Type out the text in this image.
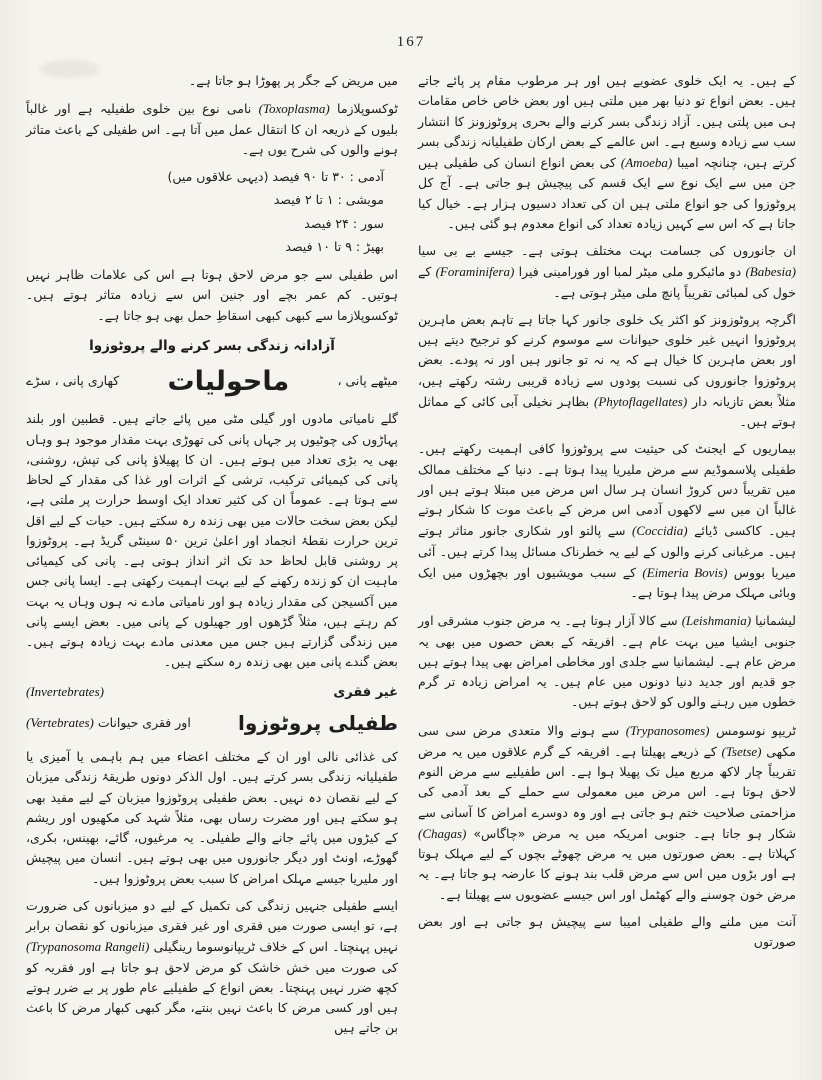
167
میں مریض کے جگر پر پھوڑا ہو جاتا ہے۔
ٹوکسوپلازما (Toxoplasma) نامی نوع بین خلوی طفیلیہ ہے اور غالباً بلیوں کے ذریعہ ان کا انتقال عمل میں آتا ہے۔ اس طفیلی کے باعث متاثر ہونے والوں کی شرح یوں ہے۔
آدمی : ۳۰ تا ۹۰ فیصد (دیہی علاقوں میں)
مویشی : ۱ تا ۲ فیصد
سور : ۲۴ فیصد
بھیڑ : ۹ تا ۱۰ فیصد
اس طفیلی سے جو مرض لاحق ہوتا ہے اس کی علامات ظاہر نہیں ہوتیں۔ کم عمر بچے اور جنین اس سے زیادہ متاثر ہوتے ہیں۔ ٹوکسوپلازما سے کبھی کبھی اسقاطِ حمل بھی ہو جاتا ہے۔
آزادانہ زندگی بسر کرنے والے پروٹوزوا
میٹھے پانی ،
ماحولیات
کھاری پانی ، سڑے
گلے نامیاتی مادوں اور گیلی مٹی میں پائے جاتے ہیں۔ قطبین اور بلند پہاڑوں کی چوٹیوں پر جہاں پانی کی تھوڑی بہت مقدار موجود ہو وہاں بھی یہ بڑی تعداد میں ہوتے ہیں۔ ان کا پھیلاؤ پانی کی تپش، روشنی، پانی کی کیمیائی ترکیب، ترشی کے اثرات اور غذا کی مقدار کے لحاظ سے ہوتا ہے۔ عموماً ان کی کثیر تعداد ایک اوسط حرارت پر ملتی ہے، لیکن بعض سخت حالات میں بھی زندہ رہ سکتے ہیں۔ حیات کے لیے اقل ترین حرارت نقطۂ انجماد اور اعلیٰ ترین ۵۰ سینٹی گریڈ ہے۔ پروٹوزوا پر روشنی قابل لحاظ حد تک اثر انداز ہوتی ہے۔ پانی کی کیمیائی ماہیت ان کو زندہ رکھنے کے لیے بہت اہمیت رکھتی ہے۔ ایسا پانی جس میں آکسیجن کی مقدار زیادہ ہو اور نامیاتی مادے نہ ہوں وہاں یہ بہت کم رہتے ہیں، مثلاً گڑھوں اور جھیلوں کے پانی میں۔ بعض ایسے پانی میں زندگی گزارتے ہیں جس میں معدنی مادے بہت زیادہ ہوتے ہیں۔ بعض گندے پانی میں بھی زندہ رہ سکتے ہیں۔
غیر فقری
(Invertebrates)
طفیلی پروٹوزوا
اور فقری حیوانات (Vertebrates)
کی غذائی نالی اور ان کے مختلف اعضاء میں ہم باہمی یا آمیزی یا طفیلیانہ زندگی بسر کرتے ہیں۔ اول الذکر دونوں طریقۂ زندگی میزبان کے لیے نقصان دہ نہیں۔ بعض طفیلی پروٹوزوا میزبان کے لیے مفید بھی ہو سکتے ہیں اور مضرت رساں بھی، مثلاً شہد کی مکھیوں اور ریشم کے کیڑوں میں پائے جانے والے طفیلی۔ یہ مرغیوں، گائے، بھینس، بکری، گھوڑے، اونٹ اور دیگر جانوروں میں بھی ہوتے ہیں۔ انسان میں پیچیش اور ملیریا جیسے مہلک امراض کا سبب بعض پروٹوزوا ہیں۔
ایسے طفیلی جنہیں زندگی کی تکمیل کے لیے دو میزبانوں کی ضرورت ہے، تو ایسی صورت میں فقری اور غیر فقری میزبانوں کو نقصان برابر نہیں پہنچتا۔ اس کے خلاف ٹریپانوسوما رینگیلی (Trypanosoma Rangeli) کی صورت میں خش خاشک کو مرض لاحق ہو جاتا ہے اور فقریہ کو کچھ ضرر نہیں پہنچتا۔ بعض انواع کے طفیلیے عام طور پر بے ضرر ہوتے ہیں اور کسی مرض کا باعث نہیں بنتے، مگر کبھی کبھار مرض کا باعث بن جاتے ہیں
کے ہیں۔ یہ ایک خلوی عضویے ہیں اور ہر مرطوب مقام پر پائے جاتے ہیں۔ بعض انواع تو دنیا بھر میں ملتی ہیں اور بعض خاص خاص مقامات ہی میں پلتی ہیں۔ آزاد زندگی بسر کرنے والے بحری پروٹوزونز کا انتشار سب سے زیادہ وسیع ہے۔ اس عالمے کے بعض ارکان طفیلیانہ زندگی بسر کرتے ہیں، چنانچہ امیبا (Amoeba) کی بعض انواع انسان کی طفیلی ہیں جن میں سے ایک نوع سے ایک قسم کی پیچیش ہو جاتی ہے۔ آج کل پروٹوزوا کی جو انواع ملتی ہیں ان کی تعداد دسیوں ہزار ہے۔ خیال کیا جاتا ہے کہ اس سے کہیں زیادہ تعداد کی انواع معدوم ہو گئی ہیں۔
ان جانوروں کی جسامت بہت مختلف ہوتی ہے۔ جیسے بے بی سیا (Babesia) دو مائیکرو ملی میٹر لمبا اور فورامینی فیرا (Foraminifera) کے خول کی لمبائی تقریباً پانچ ملی میٹر ہوتی ہے۔
اگرچہ پروٹوزونز کو اکثر یک خلوی جانور کہا جاتا ہے تاہم بعض ماہرین پروٹوزوا انہیں غیر خلوی حیوانات سے موسوم کرنے کو ترجیح دیتے ہیں اور بعض ماہرین کا خیال ہے کہ یہ نہ تو جانور ہیں اور نہ پودے۔ بعض پروٹوزوا جانوروں کی نسبت پودوں سے زیادہ قریبی رشتہ رکھتے ہیں، مثلاً بعض تازیانہ دار (Phytoflagellates) بظاہر نخیلی آبی کائی کے مماثل ہوتے ہیں۔
بیماریوں کے ایجنٹ کی حیثیت سے پروٹوزوا کافی اہمیت رکھتے ہیں۔ طفیلی پلاسموڈیم سے مرض ملیریا پیدا ہوتا ہے۔ دنیا کے مختلف ممالک میں تقریباً دس کروڑ انسان ہر سال اس مرض میں مبتلا ہوتے ہیں اور غالباً ان میں سے لاکھوں آدمی اس مرض کے باعث موت کا شکار ہوتے ہیں۔ کاکسی ڈیائے (Coccidia) سے پالتو اور شکاری جانور متاثر ہوتے ہیں۔ مرغبانی کرنے والوں کے لیے یہ خطرناک مسائل پیدا کرتے ہیں۔ آئی میریا بووس (Eimeria Bovis) کے سبب مویشیوں اور بچھڑوں میں ایک وبائی مہلک مرض پیدا ہوتا ہے۔
لیشمانیا (Leishmania) سے کالا آزار ہوتا ہے۔ یہ مرض جنوب مشرقی اور جنوبی ایشیا میں بہت عام ہے۔ افریقہ کے بعض حصوں میں بھی یہ مرض عام ہے۔ لیشمانیا سے جلدی اور مخاطی امراض بھی پیدا ہوتے ہیں جو قدیم اور جدید دنیا دونوں میں عام ہیں۔ یہ امراض زیادہ تر گرم خطوں میں رہنے والوں کو لاحق ہوتے ہیں۔
ٹریپو نوسومس (Trypanosomes) سے ہونے والا متعدی مرض سی سی مکھی (Tsetse) کے ذریعے پھیلتا ہے۔ افریقہ کے گرم علاقوں میں یہ مرض تقریباً چار لاکھ مربع میل تک پھیلا ہوا ہے۔ اس طفیلیے سے مرض النوم لاحق ہوتا ہے۔ اس مرض میں معمولی سے حملے کے بعد آدمی کی مزاحمتی صلاحیت ختم ہو جاتی ہے اور وہ دوسرے امراض کا آسانی سے شکار ہو جاتا ہے۔ جنوبی امریکہ میں یہ مرض «چاگاس» (Chagas) کہلاتا ہے۔ بعض صورتوں میں یہ مرض چھوٹے بچوں کے لیے مہلک ہوتا ہے اور بڑوں میں اس سے مرض قلب بند ہونے کا عارضہ ہو جاتا ہے۔ یہ مرض خون چوسنے والے کھٹمل اور اس جیسے عضویوں سے پھیلتا ہے۔
آنت میں ملنے والے طفیلی امیبا سے پیچیش ہو جاتی ہے اور بعض صورتوں
